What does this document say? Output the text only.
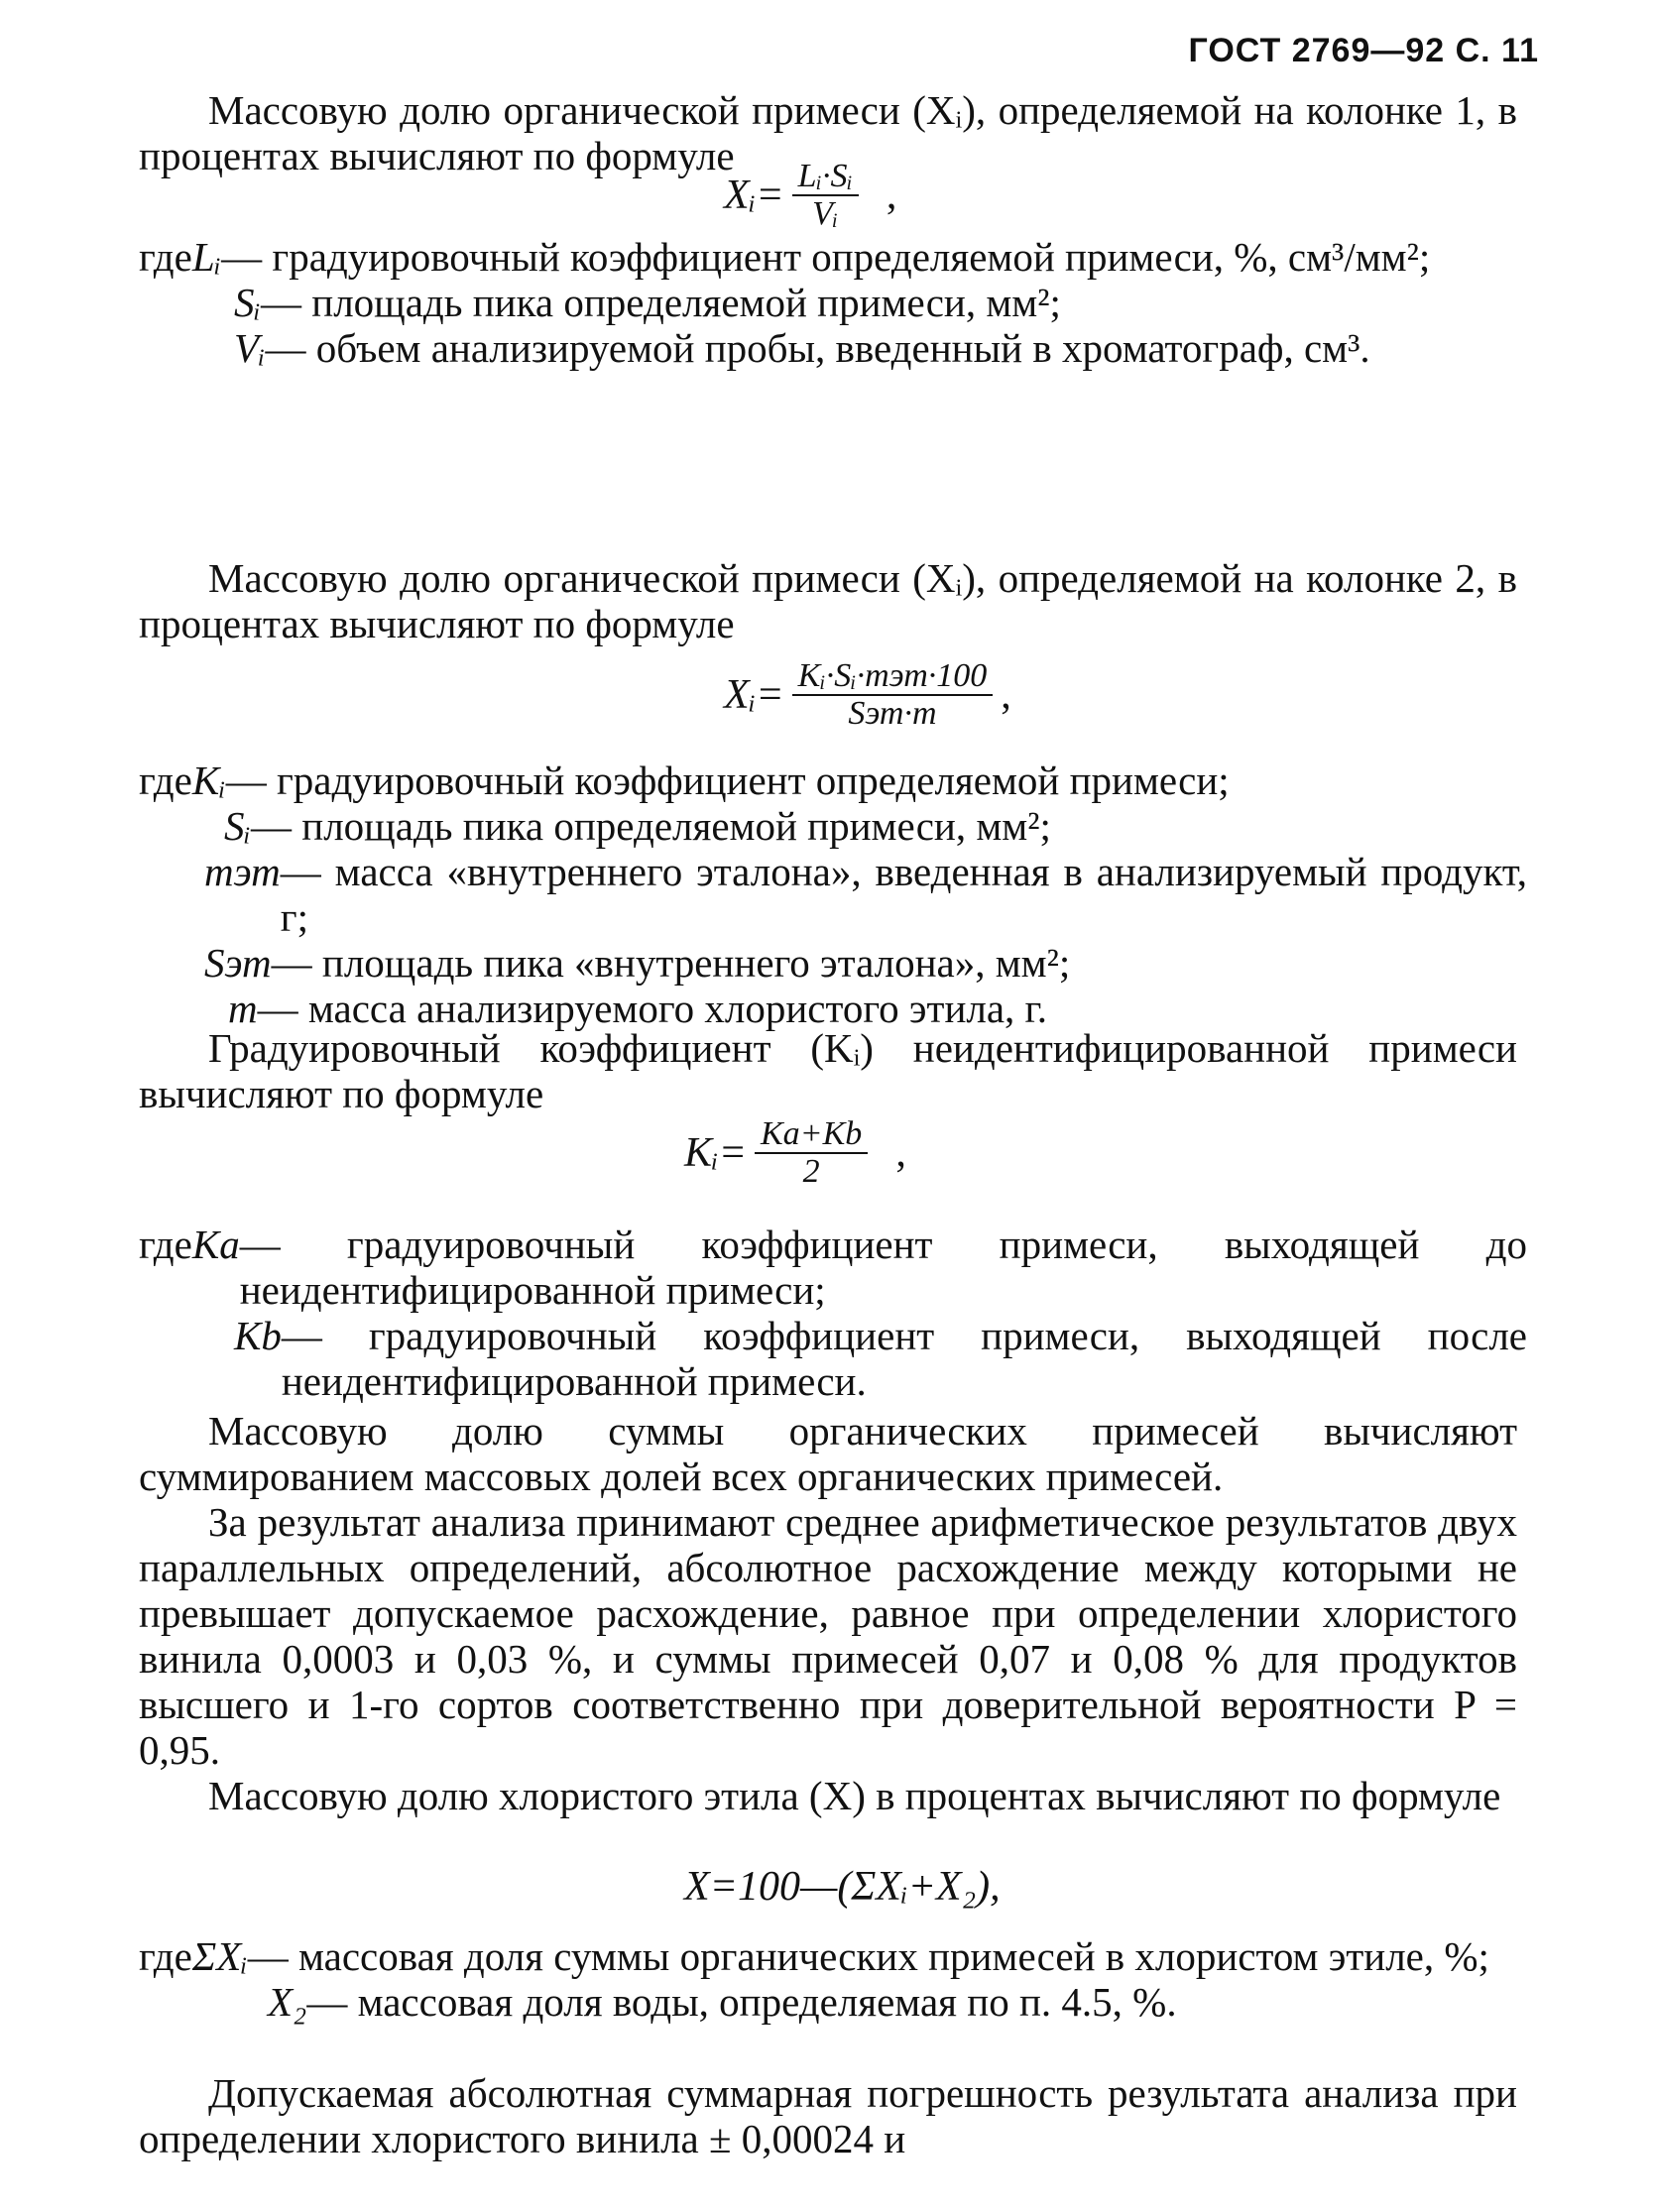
ГОСТ 2769—92 С. 11

Массовую долю органической примеси (Xᵢ), определяемой на колонке 1, в процентах вычисляют по формуле

Xᵢ= $\frac{\text{Lᵢ·Sᵢ}}{\text{Vᵢ}}$ ,
где Lᵢ — градуировочный коэффициент определяемой примеси, %, см³/мм²;
Sᵢ — площадь пика определяемой примеси, мм²;
Vᵢ — объем анализируемой пробы, введенный в хроматограф, см³.

Массовую долю органической примеси (Xᵢ), определяемой на колонке 2, в процентах вычисляют по формуле

Xᵢ= $\frac{\text{Kᵢ·Sᵢ·mэт·100}}{\text{Sэт·m}}$ ,
где Kᵢ — градуировочный коэффициент определяемой примеси;
Sᵢ — площадь пика определяемой примеси, мм²;
mэт — масса «внутреннего эталона», введенная в анализируемый продукт, г;
Sэт — площадь пика «внутреннего эталона», мм²;
m — масса анализируемого хлористого этила, г.

Градуировочный коэффициент (Kᵢ) неидентифицированной примеси вычисляют по формуле

Kᵢ= $\frac{Ka+Kb}{2}$ ,
где Ka — градуировочный коэффициент примеси, выходящей до неидентифицированной примеси;
Kb — градуировочный коэффициент примеси, выходящей после неидентифицированной примеси.

Массовую долю суммы органических примесей вычисляют суммированием массовых долей всех органических примесей.

За результат анализа принимают среднее арифметическое результатов двух параллельных определений, абсолютное расхождение между которыми не превышает допускаемое расхождение, равное при определении хлористого винила 0,0003 и 0,03 %, и суммы примесей 0,07 и 0,08 % для продуктов высшего и 1-го сортов соответственно при доверительной вероятности P = 0,95.

Массовую долю хлористого этила (X) в процентах вычисляют по формуле

X=100—(ΣXᵢ+X₂),
где ΣXᵢ — массовая доля суммы органических примесей в хлористом этиле, %;
X₂ — массовая доля воды, определяемая по п. 4.5, %.

Допускаемая абсолютная суммарная погрешность результата анализа при определении хлористого винила ± 0,00024 и
